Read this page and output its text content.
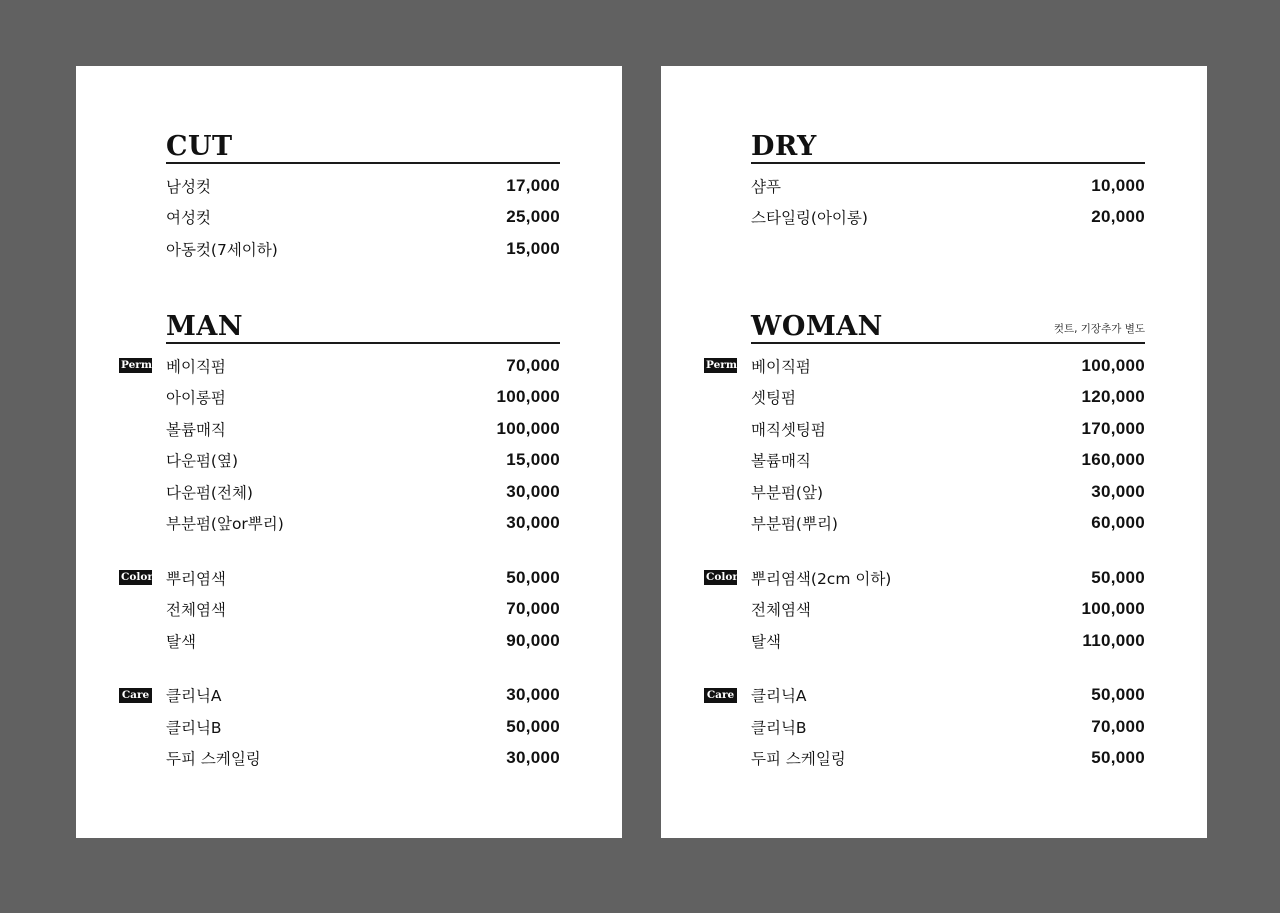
CUT
남성컷	17,000
여성컷	25,000
아동컷(7세이하)	15,000
MAN
Perm 베이직펌	70,000
아이롱펌	100,000
볼륨매직	100,000
다운펌(옆)	15,000
다운펌(전체)	30,000
부분펌(앞or뿌리)	30,000
Color 뿌리염색	50,000
전체염색	70,000
탈색	90,000
Care 클리닉A	30,000
클리닉B	50,000
두피 스케일링	30,000
DRY
샴푸	10,000
스타일링(아이롱)	20,000
WOMAN	컷트, 기장추가 별도
Perm 베이직펌	100,000
셋팅펌	120,000
매직셋팅펌	170,000
볼륨매직	160,000
부분펌(앞)	30,000
부분펌(뿌리)	60,000
Color 뿌리염색(2cm 이하)	50,000
전체염색	100,000
탈색	110,000
Care 클리닉A	50,000
클리닉B	70,000
두피 스케일링	50,000
